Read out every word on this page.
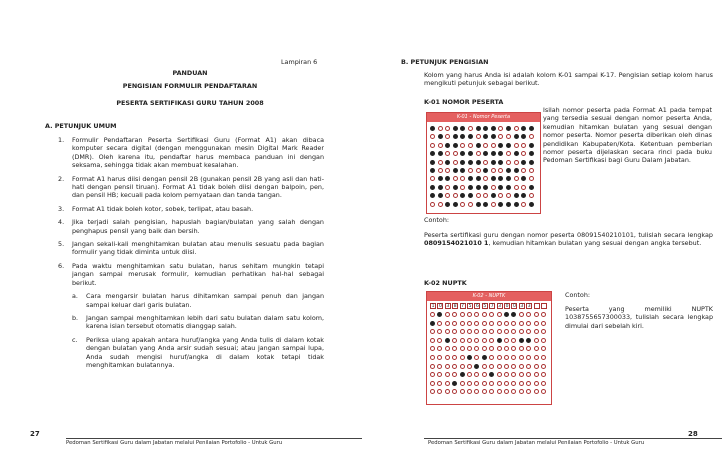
Lampiran 6
PANDUAN
PENGISIAN FORMULIR PENDAFTARAN
PESERTA SERTIFIKASI GURU TAHUN 2008
A. PETUNJUK UMUM
1.	Formulir Pendaftaran Peserta Sertifikasi Guru (Format A1) akan dibaca komputer secara digital (dengan menggunakan mesin Digital Mark Reader (DMR). Oleh karena itu, pendaftar harus membaca panduan ini dengan seksama, sehingga tidak akan membuat kesalahan.
2.	Format A1 harus diisi dengan pensil 2B (gunakan pensil 2B yang asli dan hati-hati dengan pensil tiruan). Format A1 tidak boleh diisi dengan balpoin, pen, dan pensil HB; kecuali pada kolom pernyataan dan tanda tangan.
3.	Format A1 tidak boleh kotor, sobek, terlipat, atau basah.
4.	Jika terjadi salah pengisian, hapuslah bagian/bulatan yang salah dengan penghapus pensil yang baik dan bersih.
5.	Jangan sekali-kali menghitamkan bulatan atau menulis sesuatu pada bagian formulir yang tidak diminta untuk diisi.
6.	Pada waktu menghitamkan satu bulatan, harus sehitam mungkin tetapi jangan sampai merusak formulir, kemudian perhatikan hal-hal sebagai berikut.
a.	Cara mengarsir bulatan harus dihitamkan sampai penuh dan jangan sampai keluar dari garis bulatan.
b.	Jangan sampai menghitamkan lebih dari satu bulatan dalam satu kolom, karena isian tersebut otomatis dianggap salah.
c.	Periksa ulang apakah antara huruf/angka yang Anda tulis di dalam kotak dengan bulatan yang Anda arsir sudah sesuai; atau jangan sampai lupa, Anda sudah mengisi huruf/angka di dalam kotak tetapi tidak menghitamkan bulatannya.
27
Pedoman Sertifikasi Guru dalam Jabatan melalui Penilaian Portofolio - Untuk Guru
B. PETUNJUK PENGISIAN
Kolom yang harus Anda isi adalah kolom K-01 sampai K-17. Pengisian setiap kolom harus mengikuti petunjuk sebagai berikut.
K-01 NOMOR PESERTA
K-01 - Nomor Peserta
Isilah nomor peserta pada Format A1 pada tempat yang tersedia sesuai dengan nomor peserta Anda, kemudian hitamkan bulatan yang sesuai dengan nomor peserta. Nomor peserta diberikan oleh dinas pendidikan Kabupaten/Kota. Ketentuan pemberian nomor peserta dijelaskan secara rinci pada buku Pedoman Sertifikasi bagi Guru Dalam Jabatan.
Contoh:
Peserta sertifikasi guru dengan nomor peserta 08091540210101, tulislah secara lengkap 0809154021010 1, kemudian hitamkan bulatan yang sesuai dengan angka tersebut.
K-02 NUPTK
K-02 - NUPTK
1	0	3	8	7	5	6	5	7	3	0	0	3	3
Contoh:
Peserta yang memiliki NUPTK 1038755657300033, tulislah secara lengkap dimulai dari sebelah kiri.
28
Pedoman Sertifikasi Guru dalam Jabatan melalui Penilaian Portofolio - Untuk Guru
